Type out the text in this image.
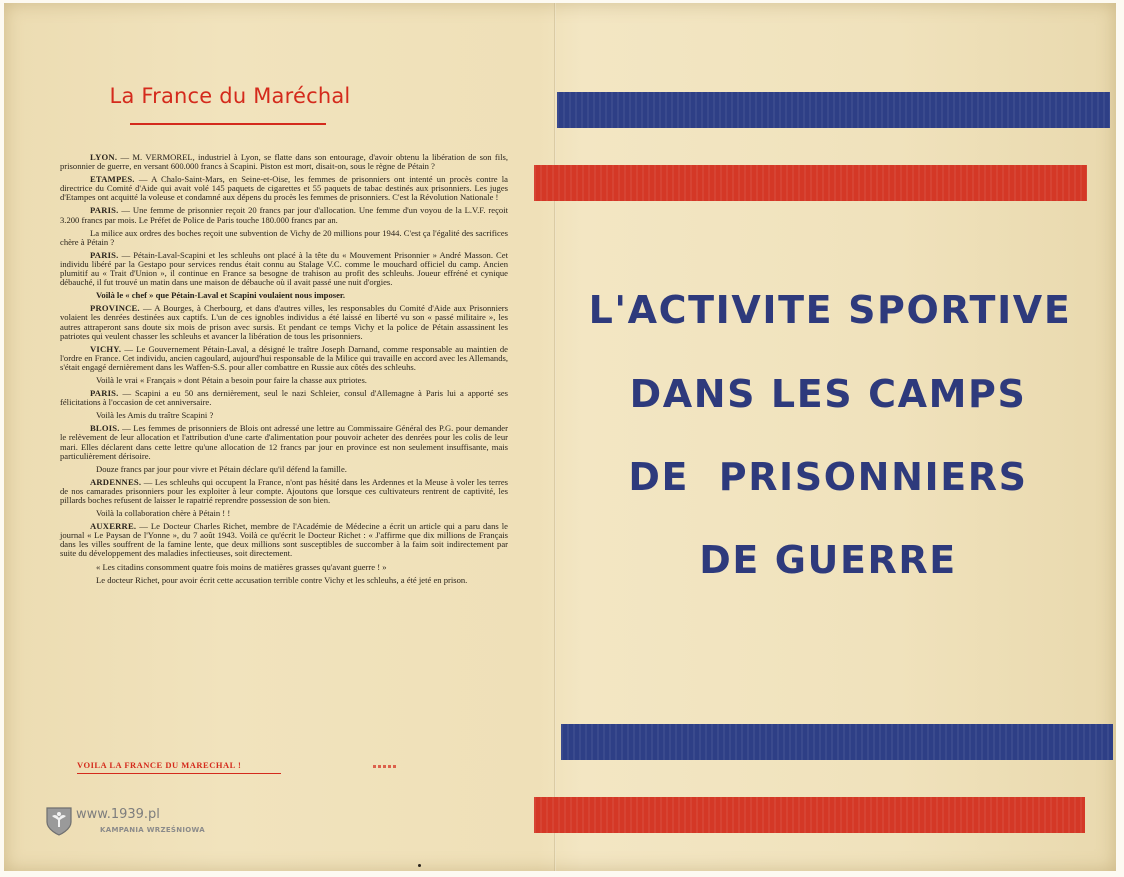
La France du Maréchal

LYON. — M. VERMOREL, industriel à Lyon, se flatte dans son entourage, d'avoir obtenu la libération de son fils, prisonnier de guerre, en versant 600.000 francs à Scapini. Piston est mort, disait-on, sous le règne de Pétain ?

ETAMPES. — A Chalo-Saint-Mars, en Seine-et-Oise, les femmes de prisonniers ont intenté un procès contre la directrice du Comité d'Aide qui avait volé 145 paquets de cigarettes et 55 paquets de tabac destinés aux prisonniers. Les juges d'Etampes ont acquitté la voleuse et condamné aux dépens du procès les femmes de prisonniers. C'est la Révolution Nationale !

PARIS. — Une femme de prisonnier reçoit 20 francs par jour d'allocation. Une femme d'un voyou de la L.V.F. reçoit 3.200 francs par mois. Le Préfet de Police de Paris touche 180.000 francs par an.

La milice aux ordres des boches reçoit une subvention de Vichy de 20 millions pour 1944. C'est ça l'égalité des sacrifices chère à Pétain ?

PARIS. — Pétain-Laval-Scapini et les schleuhs ont placé à la tête du « Mouvement Prisonnier » André Masson. Cet individu libéré par la Gestapo pour services rendus était connu au Stalage V.C. comme le mouchard officiel du camp. Ancien plumitif au « Trait d'Union », il continue en France sa besogne de trahison au profit des schleuhs. Joueur effréné et cynique débauché, il fut trouvé un matin dans une maison de débauche où il avait passé une nuit d'orgies.

Voilà le « chef » que Pétain-Laval et Scapini voulaient nous imposer.

PROVINCE. — A Bourges, à Cherbourg, et dans d'autres villes, les responsables du Comité d'Aide aux Prisonniers volaient les denrées destinées aux captifs. L'un de ces ignobles individus a été laissé en liberté vu son « passé militaire », les autres attraperont sans doute six mois de prison avec sursis. Et pendant ce temps Vichy et la police de Pétain assassinent les patriotes qui veulent chasser les schleuhs et avancer la libération de tous les prisonniers.

VICHY. — Le Gouvernement Pétain-Laval, a désigné le traître Joseph Darnand, comme responsable au maintien de l'ordre en France. Cet individu, ancien cagoulard, aujourd'hui responsable de la Milice qui travaille en accord avec les Allemands, s'était engagé dernièrement dans les Waffen-S.S. pour aller combattre en Russie aux côtés des schleuhs.

Voilà le vrai « Français » dont Pétain a besoin pour faire la chasse aux ptriotes.

PARIS. — Scapini a eu 50 ans dernièrement, seul le nazi Schleier, consul d'Allemagne à Paris lui a apporté ses félicitations à l'occasion de cet anniversaire.

Voilà les Amis du traître Scapini ?

BLOIS. — Les femmes de prisonniers de Blois ont adressé une lettre au Commissaire Général des P.G. pour demander le relèvement de leur allocation et l'attribution d'une carte d'alimentation pour pouvoir acheter des denrées pour les colis de leur mari. Elles déclarent dans cette lettre qu'une allocation de 12 francs par jour en province est non seulement insuffisante, mais particulièrement dérisoire.

Douze francs par jour pour vivre et Pétain déclare qu'il défend la famille.

ARDENNES. — Les schleuhs qui occupent la France, n'ont pas hésité dans les Ardennes et la Meuse à voler les terres de nos camarades prisonniers pour les exploiter à leur compte. Ajoutons que lorsque ces cultivateurs rentrent de captivité, les pillards boches refusent de laisser le rapatrié reprendre possession de son bien.

Voilà la collaboration chère à Pétain ! !

AUXERRE. — Le Docteur Charles Richet, membre de l'Académie de Médecine a écrit un article qui a paru dans le journal « Le Paysan de l'Yonne », du 7 août 1943. Voilà ce qu'écrit le Docteur Richet : « J'affirme que dix millions de Français dans les villes souffrent de la famine lente, que deux millions sont susceptibles de succomber à la faim soit indirectement par suite du développement des maladies infectieuses, soit directement.

« Les citadins consomment quatre fois moins de matières grasses qu'avant guerre ! »

Le docteur Richet, pour avoir écrit cette accusation terrible contre Vichy et les schleuhs, a été jeté en prison.

VOILA LA FRANCE DU MARECHAL !
www.1939.pl
KAMPANIA WRZEŚNIOWA
L'ACTIVITE SPORTIVE
DANS LES CAMPS
DE  PRISONNIERS
DE GUERRE
